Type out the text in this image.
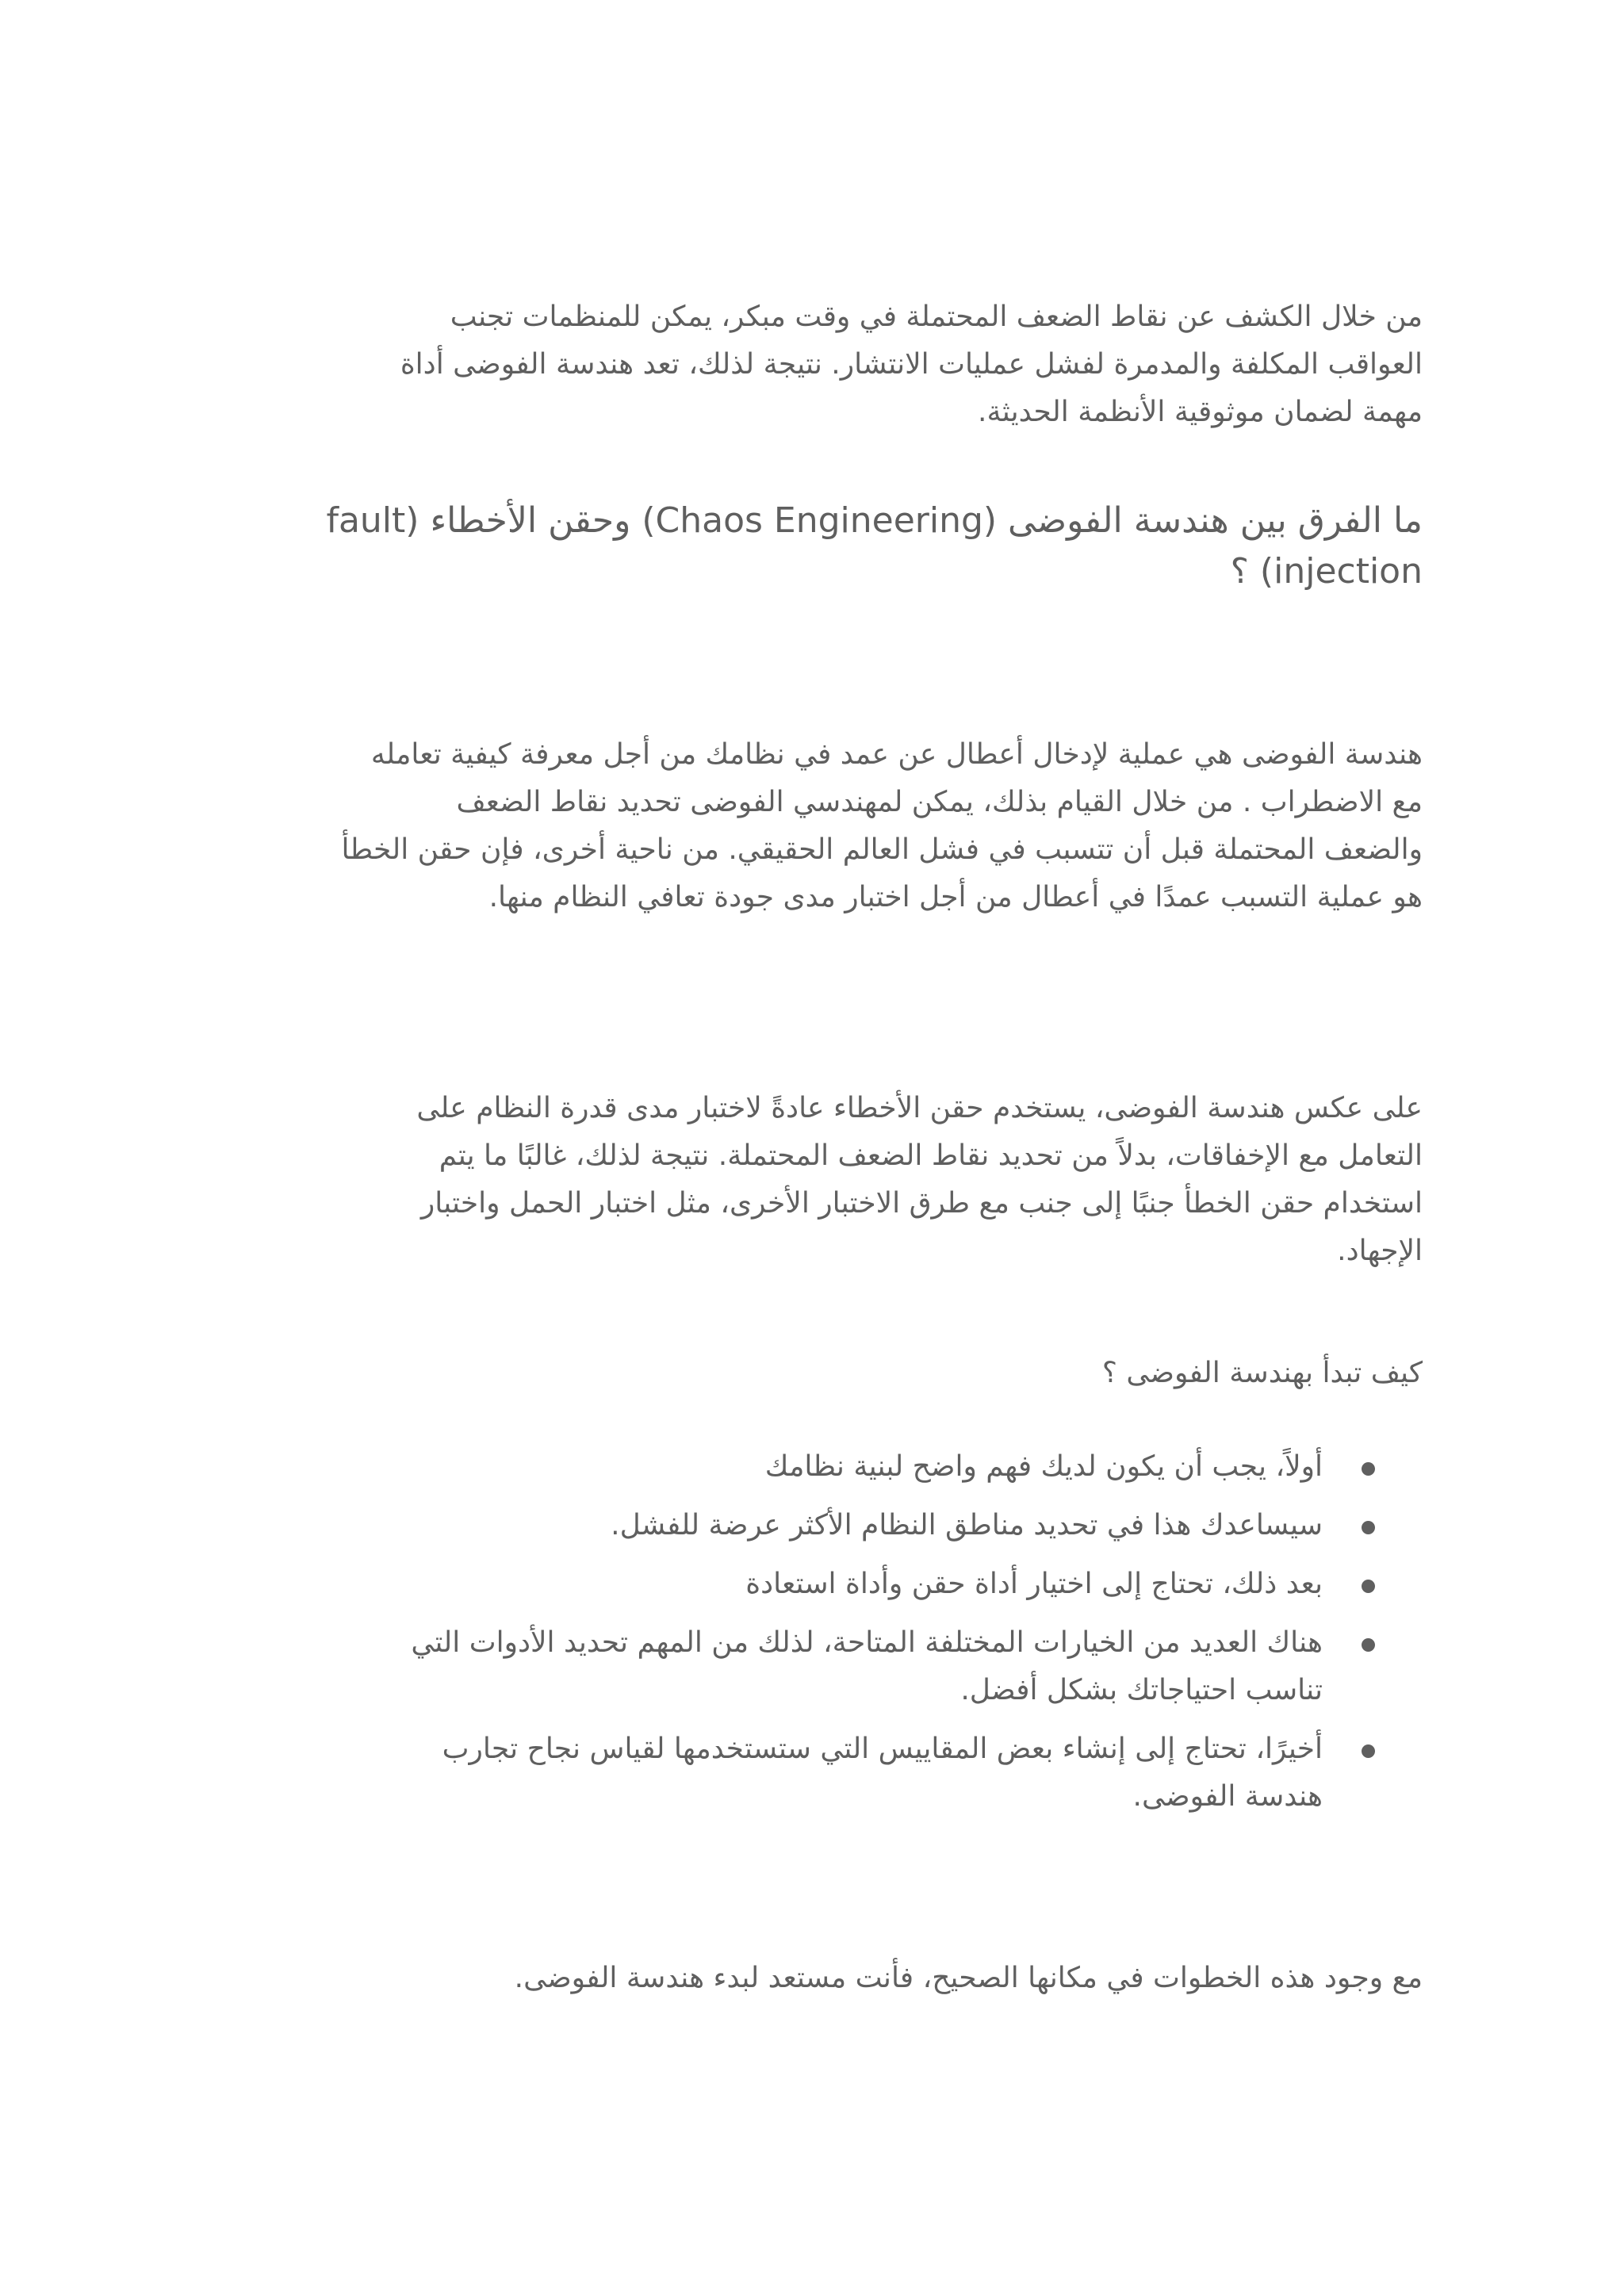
من خلال الكشف عن نقاط الضعف المحتملة في وقت مبكر، يمكن للمنظمات تجنب
العواقب المكلفة والمدمرة لفشل عمليات الانتشار. نتيجة لذلك، تعد هندسة الفوضى أداة
مهمة لضمان موثوقية الأنظمة الحديثة.
ما الفرق بين هندسة الفوضى (Chaos Engineering) وحقن الأخطاء (fault
injection) ؟
هندسة الفوضى هي عملية لإدخال أعطال عن عمد في نظامك من أجل معرفة كيفية تعامله
مع الاضطراب . من خلال القيام بذلك، يمكن لمهندسي الفوضى تحديد نقاط الضعف
والضعف المحتملة قبل أن تتسبب في فشل العالم الحقيقي. من ناحية أخرى، فإن حقن الخطأ
هو عملية التسبب عمدًا في أعطال من أجل اختبار مدى جودة تعافي النظام منها.
على عكس هندسة الفوضى، يستخدم حقن الأخطاء عادةً لاختبار مدى قدرة النظام على
التعامل مع الإخفاقات، بدلاً من تحديد نقاط الضعف المحتملة. نتيجة لذلك، غالبًا ما يتم
استخدام حقن الخطأ جنبًا إلى جنب مع طرق الاختبار الأخرى، مثل اختبار الحمل واختبار
الإجهاد.
كيف تبدأ بهندسة الفوضى ؟
أولاً، يجب أن يكون لديك فهم واضح لبنية نظامك
سيساعدك هذا في تحديد مناطق النظام الأكثر عرضة للفشل.
بعد ذلك، تحتاج إلى اختيار أداة حقن وأداة استعادة
هناك العديد من الخيارات المختلفة المتاحة، لذلك من المهم تحديد الأدوات التي
تناسب احتياجاتك بشكل أفضل.
أخيرًا، تحتاج إلى إنشاء بعض المقاييس التي ستستخدمها لقياس نجاح تجارب
هندسة الفوضى.
مع وجود هذه الخطوات في مكانها الصحيح، فأنت مستعد لبدء هندسة الفوضى.
